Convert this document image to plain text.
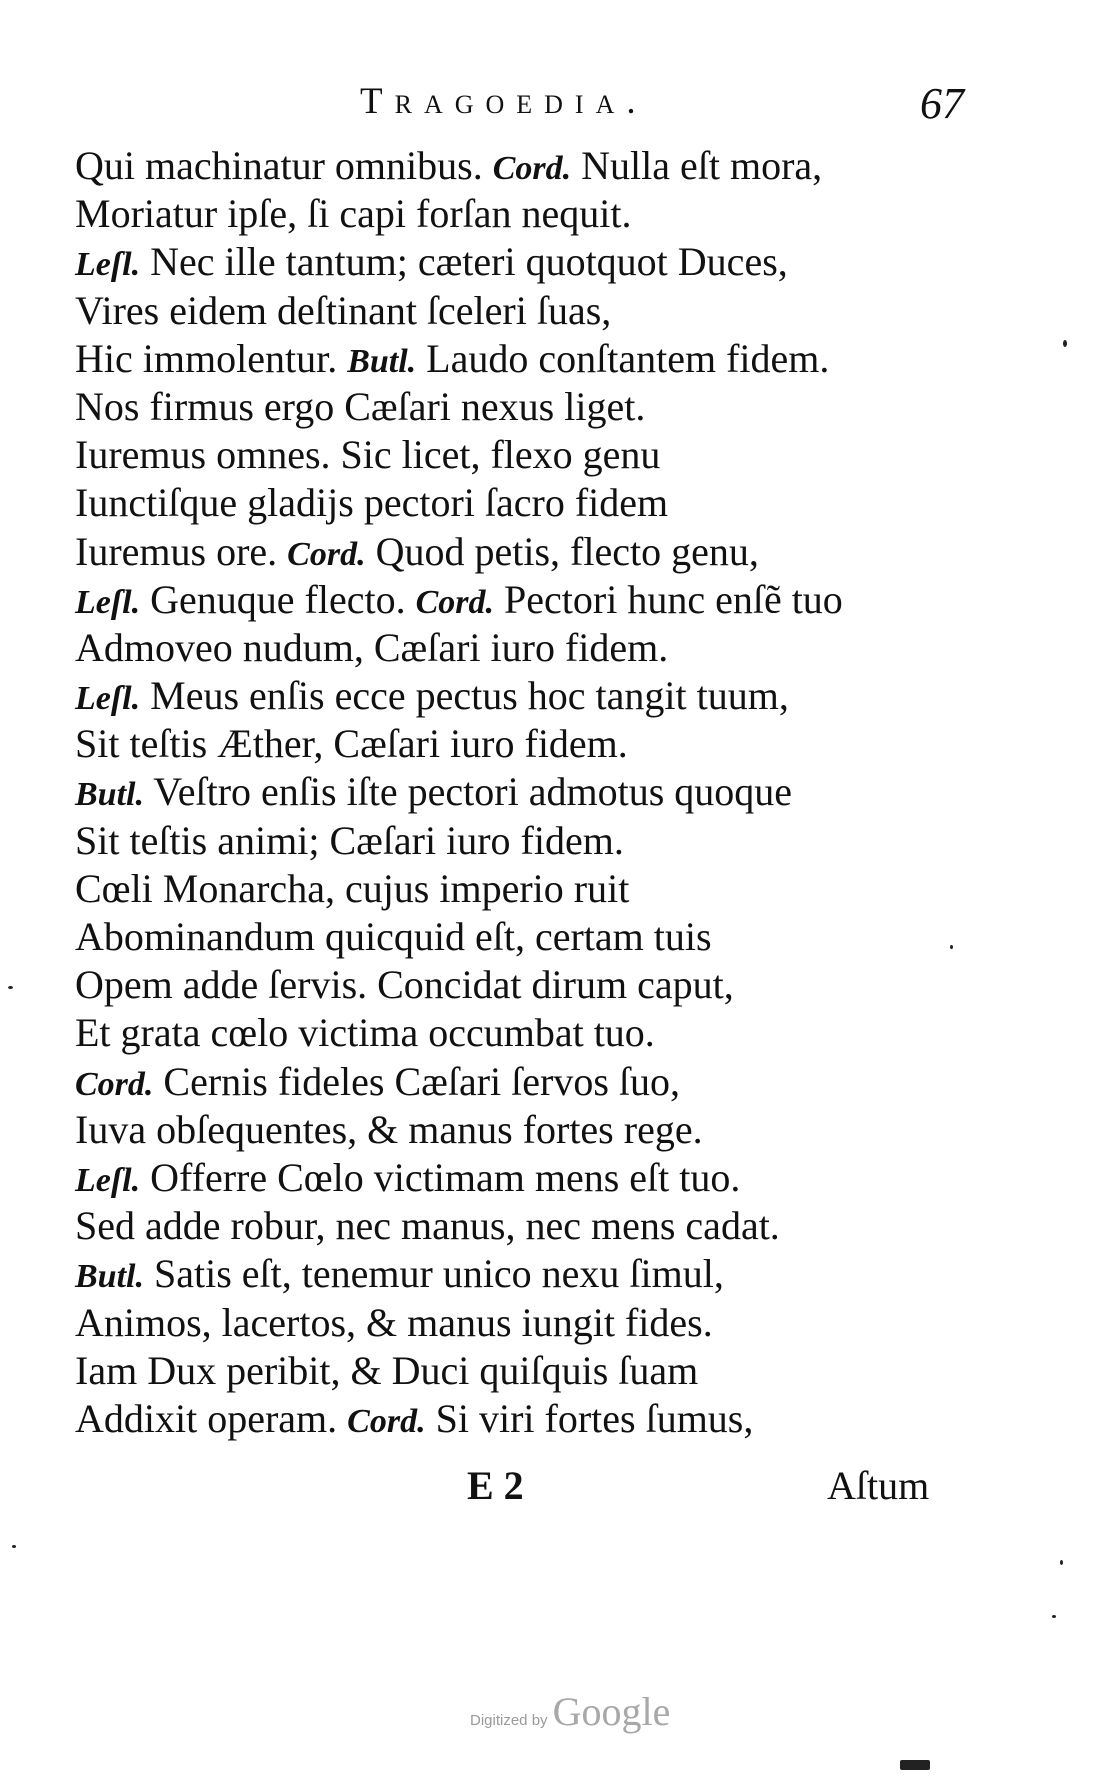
Tragoedia.	67
Qui machinatur omnibus. Cord. Nulla eſt mora,
Moriatur ipſe, ſi capi forſan nequit.
Leſl. Nec ille tantum; cæteri quotquot Duces,
Vires eidem deſtinant ſceleri ſuas,
Hic immolentur. Butl. Laudo conſtantem fidem.
Nos firmus ergo Cæſari nexus liget.
Iuremus omnes. Sic licet, flexo genu
Iunctiſque gladijs pectori ſacro fidem
Iuremus ore. Cord. Quod petis, flecto genu,
Leſl. Genuque flecto. Cord. Pectori hunc enſẽ tuo
Admoveo nudum, Cæſari iuro fidem.
Leſl. Meus enſis ecce pectus hoc tangit tuum,
Sit teſtis Æther, Cæſari iuro fidem.
Butl. Veſtro enſis iſte pectori admotus quoque
Sit teſtis animi; Cæſari iuro fidem.
Cœli Monarcha, cujus imperio ruit
Abominandum quicquid eſt, certam tuis
Opem adde ſervis. Concidat dirum caput,
Et grata cœlo victima occumbat tuo.
Cord. Cernis fideles Cæſari ſervos ſuo,
Iuva obſequentes, & manus fortes rege.
Leſl. Offerre Cœlo victimam mens eſt tuo.
Sed adde robur, nec manus, nec mens cadat.
Butl. Satis eſt, tenemur unico nexu ſimul,
Animos, lacertos, & manus iungit fides.
Iam Dux peribit, & Duci quiſquis ſuam
Addixit operam. Cord. Si viri fortes ſumus,
E 2	Aſtum
Digitized by Google
